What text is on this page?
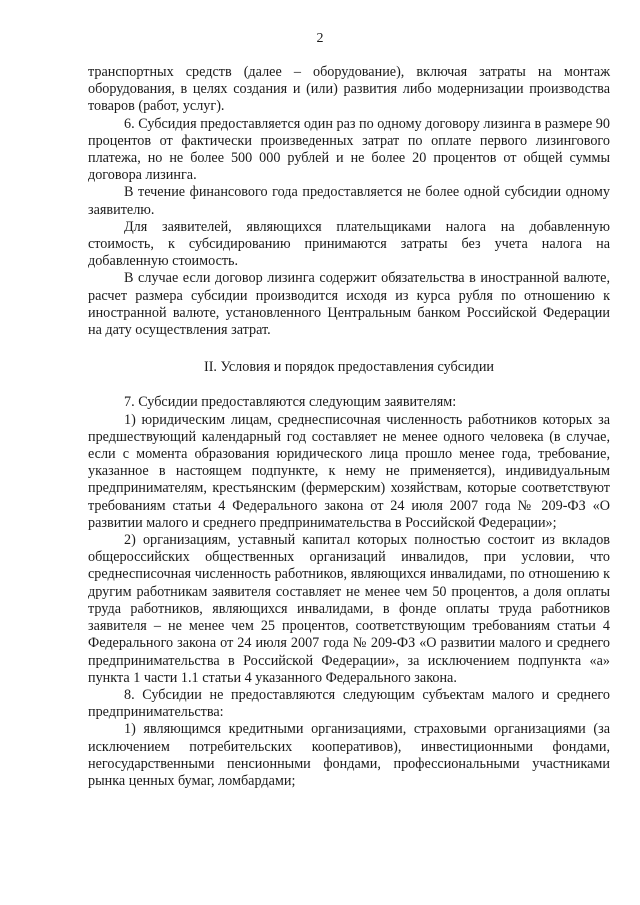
2

транспортных средств (далее – оборудование), включая затраты на монтаж оборудования, в целях создания и (или) развития либо модернизации производства товаров (работ, услуг).

6. Субсидия предоставляется один раз по одному договору лизинга в размере 90 процентов от фактически произведенных затрат по оплате первого лизингового платежа, но не более 500 000 рублей и не более 20 процентов от общей суммы договора лизинга.

В течение финансового года предоставляется не более одной субсидии одному заявителю.

Для заявителей, являющихся плательщиками налога на добавленную стоимость, к субсидированию принимаются затраты без учета налога на добавленную стоимость.

В случае если договор лизинга содержит обязательства в иностранной валюте, расчет размера субсидии производится исходя из курса рубля по отношению к иностранной валюте, установленного Центральным банком Российской Федерации на дату осуществления затрат.

II. Условия и порядок предоставления субсидии

7. Субсидии предоставляются следующим заявителям:

1) юридическим лицам, среднесписочная численность работников которых за предшествующий календарный год составляет не менее одного человека (в случае, если с момента образования юридического лица прошло менее года, требование, указанное в настоящем подпункте, к нему не применяется), индивидуальным предпринимателям, крестьянским (фермерским) хозяйствам, которые соответствуют требованиям статьи 4 Федерального закона от 24 июля 2007 года № 209-ФЗ «О развитии малого и среднего предпринимательства в Российской Федерации»;

2) организациям, уставный капитал которых полностью состоит из вкладов общероссийских общественных организаций инвалидов, при условии, что среднесписочная численность работников, являющихся инвалидами, по отношению к другим работникам заявителя составляет не менее чем 50 процентов, а доля оплаты труда работников, являющихся инвалидами, в фонде оплаты труда работников заявителя – не менее чем 25 процентов, соответствующим требованиям статьи 4 Федерального закона от 24 июля 2007 года № 209-ФЗ «О развитии малого и среднего предпринимательства в Российской Федерации», за исключением подпункта «а» пункта 1 части 1.1 статьи 4 указанного Федерального закона.

8. Субсидии не предоставляются следующим субъектам малого и среднего предпринимательства:

1) являющимся кредитными организациями, страховыми организациями (за исключением потребительских кооперативов), инвестиционными фондами, негосударственными пенсионными фондами, профессиональными участниками рынка ценных бумаг, ломбардами;
